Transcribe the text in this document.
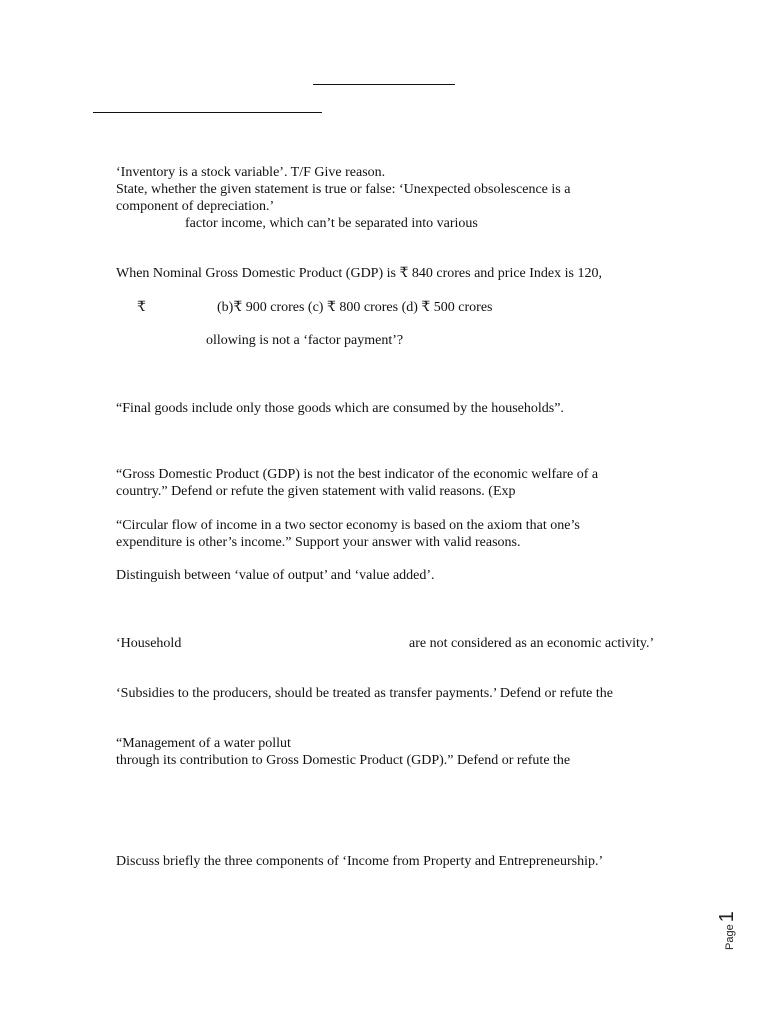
‘Inventory is a stock variable’. T/F Give reason.

State, whether the given statement is true or false: ‘Unexpected obsolescence is a

component of depreciation.’

factor income, which can’t be separated into various

When Nominal Gross Domestic Product (GDP) is ₹ 840 crores and price Index is 120,

₹	(b)₹ 900 crores (c) ₹ 800 crores (d) ₹ 500 crores

ollowing is not a ‘factor payment’?

“Final goods include only those goods which are consumed by the households”.

“Gross Domestic Product (GDP) is not the best indicator of the economic welfare of a

country.” Defend or refute the given statement with valid reasons. (Exp

“Circular flow of income in a two sector economy is based on the axiom that one’s

expenditure is other’s income.” Support your answer with valid reasons.

Distinguish between ‘value of output’ and ‘value added’.

‘Household	are not considered as an economic activity.’

‘Subsidies to the producers, should be treated as transfer payments.’ Defend or refute the

“Management of a water pollut

through its contribution to Gross Domestic Product (GDP).” Defend or refute the

Discuss briefly the three components of ‘Income from Property and Entrepreneurship.’

Page1
